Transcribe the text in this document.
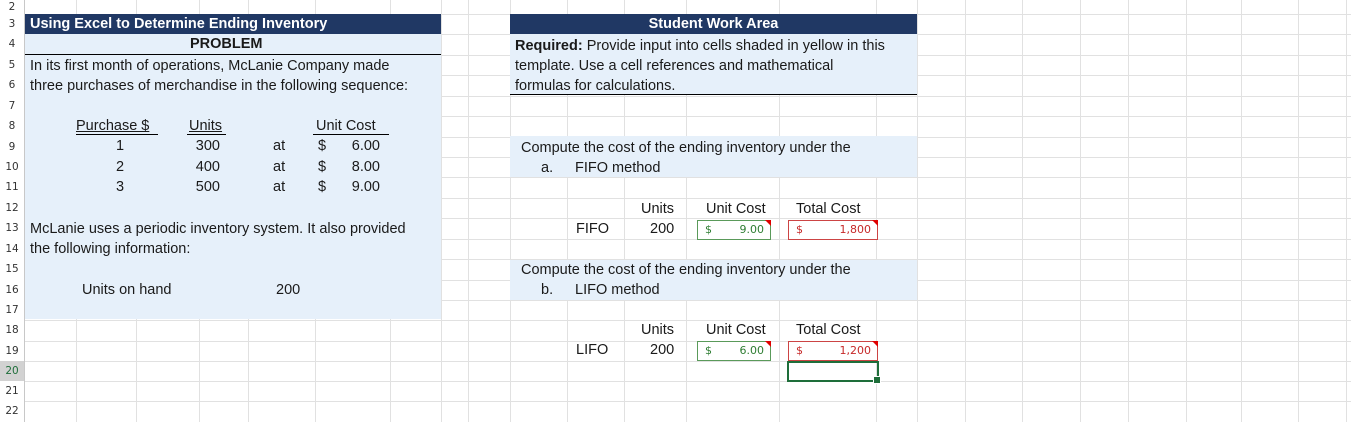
2
3
4
5
6
7
8
9
10
11
12
13
14
15
16
17
18
19
20
21
22
Using Excel to Determine Ending Inventory
PROBLEM
In its first month of operations, McLanie Company made
three purchases of merchandise in the following sequence:
Purchase $	Units	Unit Cost
1	300	at $	6.00
2	400	at $	8.00
3	500	at $	9.00
McLanie uses a periodic inventory system. It also provided
the following information:
Units on hand	200
Student Work Area
Required: Provide input into cells shaded in yellow in this
template. Use a cell references and mathematical
formulas for calculations.
Compute the cost of the ending inventory under the
a. FIFO method
Units Unit Cost Total Cost
FIFO	200	$	9.00	$	1,800
Compute the cost of the ending inventory under the
b. LIFO method
Units Unit Cost Total Cost
LIFO	200	$	6.00	$	1,200
